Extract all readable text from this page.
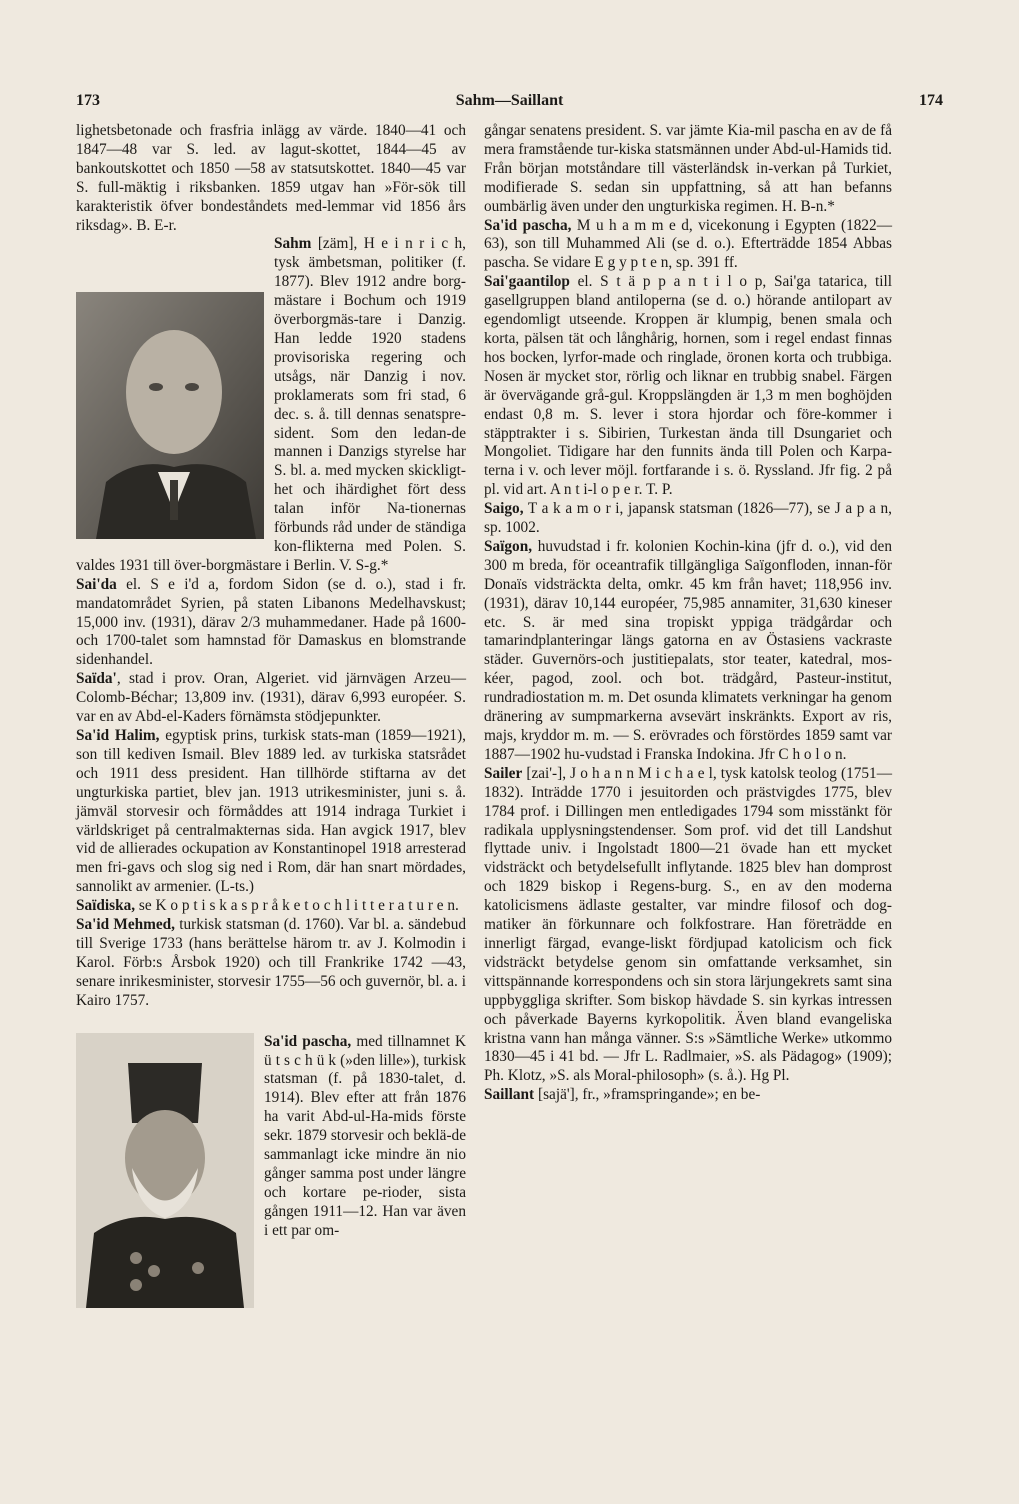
173	Sahm—Saillant	174

lighetsbetonade och frasfria inlägg av värde. 1840—41 och 1847—48 var S. led. av lagut-skottet, 1844—45 av bankoutskottet och 1850 —58 av statsutskottet. 1840—45 var S. full-mäktig i riksbanken. 1859 utgav han »För-sök till karakteristik öfver bondeståndets med-lemmar vid 1856 års riksdag». B. E-r.

Sahm [zäm], H e i n r i c h, tysk ämbetsman, politiker (f. 1877). Blev 1912 andre borg-mästare i Bochum och 1919 överborgmäs-tare i Danzig. Han ledde 1920 stadens provisoriska regering och utsågs, när Danzig i nov. proklamerats som fri stad, 6 dec. s. å. till dennas senatspre-sident. Som den ledan-de mannen i Danzigs styrelse har S. bl. a. med mycken skickligt-het och ihärdighet fört dess talan inför Na-tionernas förbunds råd under de ständiga kon-flikterna med Polen. S. valdes 1931 till över-borgmästare i Berlin. V. S-g.*

Sai'da el. S e i'd a, fordom Sidon (se d. o.), stad i fr. mandatområdet Syrien, på staten Libanons Medelhavskust; 15,000 inv. (1931), därav 2/3 muhammedaner. Hade på 1600- och 1700-talet som hamnstad för Damaskus en blomstrande sidenhandel.

Saïda', stad i prov. Oran, Algeriet. vid järnvägen Arzeu—Colomb-Béchar; 13,809 inv. (1931), därav 6,993 européer. S. var en av Abd-el-Kaders förnämsta stödjepunkter.

Sa'id Halim, egyptisk prins, turkisk stats-man (1859—1921), son till kediven Ismail. Blev 1889 led. av turkiska statsrådet och 1911 dess president. Han tillhörde stiftarna av det ungturkiska partiet, blev jan. 1913 utrikesminister, juni s. å. jämväl storvesir och förmåddes att 1914 indraga Turkiet i världskriget på centralmakternas sida. Han avgick 1917, blev vid de allierades ockupation av Konstantinopel 1918 arresterad men fri-gavs och slog sig ned i Rom, där han snart mördades, sannolikt av armenier. (L-ts.)

Saïdiska, se K o p t i s k a s p r å k e t o c h l i t t e r a t u r e n.

Sa'id Mehmed, turkisk statsman (d. 1760). Var bl. a. sändebud till Sverige 1733 (hans berättelse härom tr. av J. Kolmodin i Karol. Förb:s Årsbok 1920) och till Frankrike 1742 —43, senare inrikesminister, storvesir 1755—56 och guvernör, bl. a. i Kairo 1757.

Sa'id pascha, med tillnamnet K ü t s c h ü k (»den lille»), turkisk statsman (f. på 1830-talet, d. 1914). Blev efter att från 1876 ha varit Abd-ul-Ha-mids förste sekr. 1879 storvesir och beklä-de sammanlagt icke mindre än nio gånger samma post under längre och kortare pe-rioder, sista gången 1911—12. Han var även i ett par om-

gångar senatens president. S. var jämte Kia-mil pascha en av de få mera framstående tur-kiska statsmännen under Abd-ul-Hamids tid. Från början motståndare till västerländsk in-verkan på Turkiet, modifierade S. sedan sin uppfattning, så att han befanns oumbärlig även under den ungturkiska regimen. H. B-n.*

Sa'id pascha, M u h a m m e d, vicekonung i Egypten (1822—63), son till Muhammed Ali (se d. o.). Efterträdde 1854 Abbas pascha. Se vidare E g y p t e n, sp. 391 ff.

Sai'gaantilop el. S t ä p p a n t i l o p, Sai'ga tatarica, till gasellgruppen bland antiloperna (se d. o.) hörande antilopart av egendomligt utseende. Kroppen är klumpig, benen smala och korta, pälsen tät och långhårig, hornen, som i regel endast finnas hos bocken, lyrfor-made och ringlade, öronen korta och trubbiga. Nosen är mycket stor, rörlig och liknar en trubbig snabel. Färgen är övervägande grå-gul. Kroppslängden är 1,3 m men boghöjden endast 0,8 m. S. lever i stora hjordar och före-kommer i stäpptrakter i s. Sibirien, Turkestan ända till Dsungariet och Mongoliet. Tidigare har den funnits ända till Polen och Karpa-terna i v. och lever möjl. fortfarande i s. ö. Ryssland. Jfr fig. 2 på pl. vid art. A n t i-l o p e r. T. P.

Saigo, T a k a m o r i, japansk statsman (1826—77), se J a p a n, sp. 1002.

Saïgon, huvudstad i fr. kolonien Kochin-kina (jfr d. o.), vid den 300 m breda, för oceantrafik tillgängliga Saïgonfloden, innan-för Donaïs vidsträckta delta, omkr. 45 km från havet; 118,956 inv. (1931), därav 10,144 européer, 75,985 annamiter, 31,630 kineser etc. S. är med sina tropiskt yppiga trädgårdar och tamarindplanteringar längs gatorna en av Östasiens vackraste städer. Guvernörs-och justitiepalats, stor teater, katedral, mos-kéer, pagod, zool. och bot. trädgård, Pasteur-institut, rundradiostation m. m. Det osunda klimatets verkningar ha genom dränering av sumpmarkerna avsevärt inskränkts. Export av ris, majs, kryddor m. m. — S. erövrades och förstördes 1859 samt var 1887—1902 hu-vudstad i Franska Indokina. Jfr C h o l o n.

Sailer [zai'-], J o h a n n M i c h a e l, tysk katolsk teolog (1751—1832). Inträdde 1770 i jesuitorden och prästvigdes 1775, blev 1784 prof. i Dillingen men entledigades 1794 som misstänkt för radikala upplysningstendenser. Som prof. vid det till Landshut flyttade univ. i Ingolstadt 1800—21 övade han ett mycket vidsträckt och betydelsefullt inflytande. 1825 blev han domprost och 1829 biskop i Regens-burg. S., en av den moderna katolicismens ädlaste gestalter, var mindre filosof och dog-matiker än förkunnare och folkfostrare. Han företrädde en innerligt färgad, evange-liskt fördjupad katolicism och fick vidsträckt betydelse genom sin omfattande verksamhet, sin vittspännande korrespondens och sin stora lärjungekrets samt sina uppbyggliga skrifter. Som biskop hävdade S. sin kyrkas intressen och påverkade Bayerns kyrkopolitik. Även bland evangeliska kristna vann han många vänner. S:s »Sämtliche Werke» utkommo 1830—45 i 41 bd. — Jfr L. Radlmaier, »S. als Pädagog» (1909); Ph. Klotz, »S. als Moral-philosoph» (s. å.). Hg Pl.

Saillant [sajä'], fr., »framspringande»; en be-
